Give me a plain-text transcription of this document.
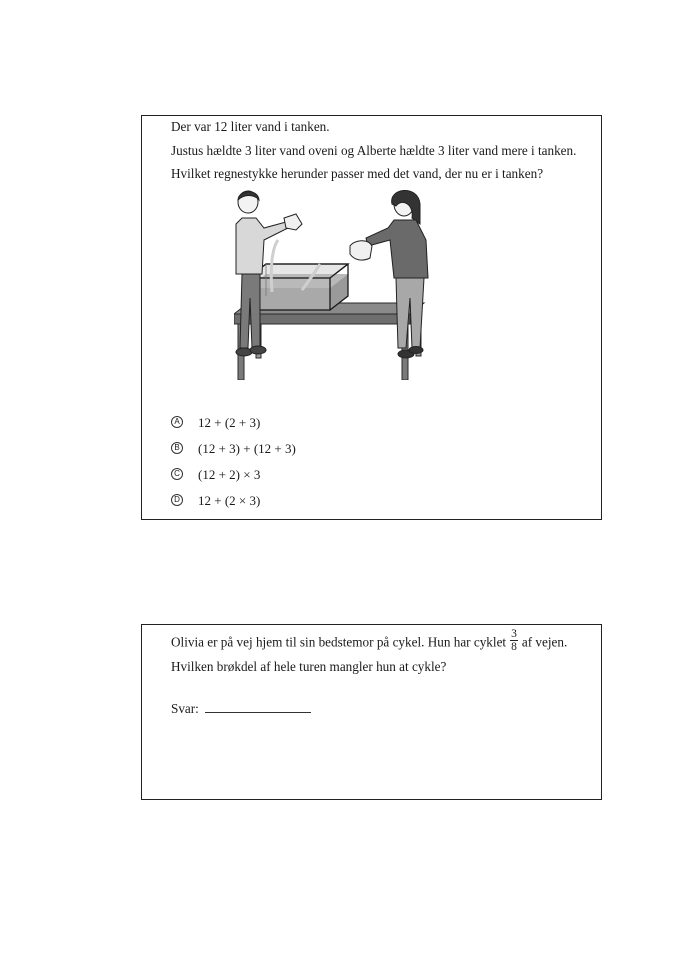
Der var 12 liter vand i tanken.
Justus hældte 3 liter vand oveni og Alberte hældte 3 liter vand mere i tanken.
Hvilket regnestykke herunder passer med det vand, der nu er i tanken?
A 12 + (2 + 3)
B (12 + 3) + (12 + 3)
C (12 + 2) × 3
D 12 + (2 × 3)
Olivia er på vej hjem til sin bedstemor på cykel. Hun har cyklet $\frac{3}{8}$ af vejen.
Hvilken brøkdel af hele turen mangler hun at cykle?
Svar:
